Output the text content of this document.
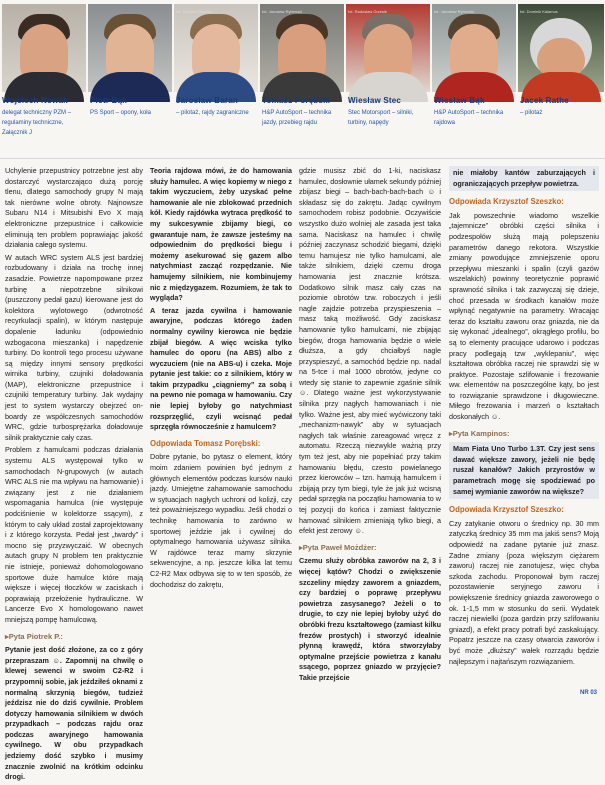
fot. Samuel Kubecki	fot. Jarosław Rybeński	fot. Radosław Grzesik	fot. Jarosław Rybeński	fot. Dominik Kalamus
Wojciech Nowak
delegat techniczny PZM – regulaminy techniczne, Załącznik J
Piotr Bąk
PS Sport – opony, koła
Jarosław Baran
– pilotaż, rajdy zagraniczne
Tomasz Porębski
H&P AutoSport – technika jazdy, przebieg rajdu
Wiesław Stec
Stec Motorsport – silniki, turbiny, napędy
Wiesław Bąk
H&P AutoSport – technika rajdowa
Jacek Rathe
– pilotaż

Uchylenie przepustnicy potrzebne jest aby dostarczyć wystarczająco dużą porcję tlenu, dlatego samochody grupy N mają tak nierówne wolne obroty. Najnowsze Subaru N14 i Mitsubishi Evo X mają elektroniczne przepustnice i całkowicie eliminują ten problem poprawiając jakość działania całego systemu.

W autach WRC system ALS jest bardziej rozbudowany i działa na trochę innej zasadzie. Powietrze napompowane przez turbinę a niepotrzebne silnikowi (puszczony pedał gazu) kierowane jest do kolektora wylotowego (odwrotność recyrkulacji spalin), w którym następuje dopalenie ładunku (odpowiednio wzbogacona mieszanka) i napędzenie turbiny. Do kontroli tego procesu używane są między innymi sensory prędkości wirnika turbiny, czujniki doładowania (MAP), elektroniczne przepustnice i czujniki temperatury turbiny. Jak wydajny jest to system wystarczy obejrzeć on-boardy ze współczesnych samochodów WRC, gdzie turbosprężarka doładowuje silnik praktycznie cały czas.

Problem z hamulcami podczas działania systemu ALS występował tylko w samochodach N-grupowych (w autach WRC ALS nie ma wpływu na hamowanie) i związany jest z nie działaniem wspomagania hamulca (nie występuje podciśnienie w kolektorze ssącym), z którym to cały układ został zaprojektowany i z którego korzysta. Pedał jest „twardy” i mocno się przyzwyczaić. W obecnych autach grupy N problem ten praktycznie nie istnieje, ponieważ dohomologowano sportowe duże hamulce które mają większe i więcej tłoczków w zaciskach i poprawiają przełożenie hydrauliczne. W Lancerze Evo X homologowano nawet mniejszą pompę hamulcową.

▸ Pyta Piotrek P.:

Pytanie jest dość złożone, za co z góry przepraszam ☺. Zapomnij na chwilę o klewej sewenci w swoim C2-R2 i przypomnij sobie, jak jeździłeś oknami z normalną skrzynią biegów, tudzież jeździsz nie do dziś cywilnie. Problem dotyczy hamowania silnikiem w dwóch przypadkach – podczas rajdu oraz podczas awaryjnego hamowania cywilnego. W obu przypadkach jedziemy dość szybko i musimy znacznie zwolnić na krótkim odcinku drogi.

Teoria rajdowa mówi, że do hamowania służy hamulec. A więc kopiemy w niego z takim wyczuciem, żeby uzyskać pełne hamowanie ale nie zblokować przednich kół. Kiedy rajdówka wytraca prędkość to my sukcesywnie zbijamy biegi, co gwarantuje nam, że zawsze jesteśmy na odpowiednim do prędkości biegu i możemy asekurować się gazem albo natychmiast zacząć rozpędzanie. Nie hamujemy silnikiem, nie kombinujemy nic z międzygazem. Rozumiem, że tak to wygląda?

A teraz jazda cywilna i hamowanie awaryjne, podczas którego żaden normalny cywilny kierowca nie będzie zbijał biegów. A więc wciska tylko hamulec do oporu (na ABS) albo z wyczuciem (nie na ABS-u) i czeka. Moje pytanie jest takie: co z silnikiem, który w takim przypadku „ciągniemy” za sobą i na pewno nie pomaga w hamowaniu. Czy nie lepiej byłoby go natychmiast rozsprzęglić, czyli wcisnąć pedał sprzęgła równocześnie z hamulcem?

Odpowiada Tomasz Porębski:

Dobre pytanie, bo pytasz o element, który moim zdaniem powinien być jednym z głównych elementów podczas kursów nauki jazdy. Umiejętne zahamowanie samochodu w sytuacjach nagłych uchroni od kolizji, czy też poważniejszego wypadku. Jeśli chodzi o technikę hamowania to zarówno w sportowej jeździe jak i cywilnej do optymalnego hamowania używasz silnika. W rajdówce teraz mamy skrzynie sekwencyjne, a np. jeszcze kilka lat temu C2-R2 Max odbywa się to w ten sposób, że dochodzisz do zakrętu,

gdzie musisz zbić do 1-ki, naciskasz hamulec, dosłownie ułamek sekundy później zbijasz biegi – bach-bach-bach-bach ☺ i składasz się do zakrętu. Jadąc cywilnym samochodem robisz podobnie. Oczywiście wszystko dużo wolniej ale zasada jest taka sama. Naciskasz na hamulec i chwilę później zaczynasz schodzić biegami, dzięki temu hamujesz nie tylko hamulcami, ale także silnikiem, dzięki czemu droga hamowania jest znacznie krótsza. Dodatkowo silnik masz cały czas na poziomie obrotów tzw. roboczych i jeśli nagle zajdzie potrzeba przyspieszenia – masz taką możliwość. Gdy zaciskasz hamowanie tylko hamulcami, nie zbijając biegów, droga hamowania będzie o wiele dłuższa, a gdy chciałbyś nagle przyspieszyć, a samochód będzie np. nadal na 5-tce i mał 1000 obrotów, jedyne co wtedy się stanie to zapewnie zgaśnie silnik ☺. Dlatego ważne jest wykorzystywanie silnika przy nagłych hamowaniach i nie tylko. Ważne jest, aby mieć wyćwiczony taki „mechanizm-nawyk” aby w sytuacjach nagłych tak właśnie zareagować wręcz z automatu. Rzeczą niezwykle ważną przy tym też jest, aby nie popełniać przy takim hamowaniu błędu, czesto powielanego przez kierowców – tzn. hamują hamulcem i zbijają przy tym biegi, tyle że jak już wcisną pedał sprzęgła na początku hamowania to w tej pozycji do końca i zamiast faktycznie hamować silnikiem zmieniają tylko biegi, a efekt jest zerowy ☺.

▸ Pyta Paweł Możdżer:

Czemu służy obróbka zaworów na 2, 3 i więcej kątów? Chodzi o zwiększenie szczeliny między zaworem a gniazdem, czy bardziej o poprawę przepływu powietrza zasysanego? Jeżeli o to drugie, to czy nie lepiej byłoby użyć do obróbki frezu kształtowego (zamiast kilku frezów prostych) i stworzyć idealnie płynną krawędź, która stworzyłaby optymalne przejście powietrza z kanału ssącego, poprzez gniazdo w przyjęcie? Takie przejście

nie miałoby kantów zaburzających i ograniczających przepływ powietrza.

Odpowiada Krzysztof Szeszko:

Jak powszechnie wiadomo wszelkie „tajemnicze” obróbki części silnika i podzespołów służą mają polepszeniu parametrów danego rekotora. Wszystkie zmiany powodujące zmniejszenie oporu przepływu mieszanki i spalin (czyli gazów wszelakich) powinny teoretycznie poprawić sprawność silnika i tak zazwyczaj się dzieje, choć przesada w środkach kanałów może wpłynąć negatywnie na parametry. Wracając teraz do kształtu zaworu oraz gniazda, nie da się wykonać „idealnego”, okrągłego profilu, bo są to elementy pracujące udarowo i podczas pracy podlegają tzw „wyklepaniu”, więc kształtowa obróbka raczej nie sprawdzi się w praktyce. Pozostaje szlifowanie i frezowanie ww. elementów na poszczególne kąty, bo jest to rozwiązanie sprawdzone i długowieczne. Miłego frezowania i marzeń o kształtach doskonałych ☺.

▸ Pyta Kampinos:

Mam Fiata Uno Turbo 1.3T. Czy jest sens dawać większe zawory, jeżeli nie będę ruszał kanałów? Jakich przyrostów w parametrach mogę się spodziewać po samej wymianie zaworów na większe?

Odpowiada Krzysztof Szeszko:

Czy zatykanie otworu o średnicy np. 30 mm zatyczką średnicy 35 mm ma jakiś sens? Moją odpowiedź na zadane pytanie już znasz. Zadne zmiany (poza większym ciężarem zaworu) raczej nie zanotujesz, więc chyba szkoda zachodu. Proponował bym raczej pozostawienie seryjnego zaworu i powiększenie średnicy gniazda zaworowego o ok. 1-1,5 mm w stosunku do serii. Wydatek raczej niewielki (poza gardzin przy szlifowaniu gniazd), a efekt pracy potrafi być zaskakujący. Popatrz jeszcze na czasy otwarcia zaworów i być może „dłuższy” wałek rozrządu będzie najlepszym i najtańszym rozwiązaniem.

NR 03
